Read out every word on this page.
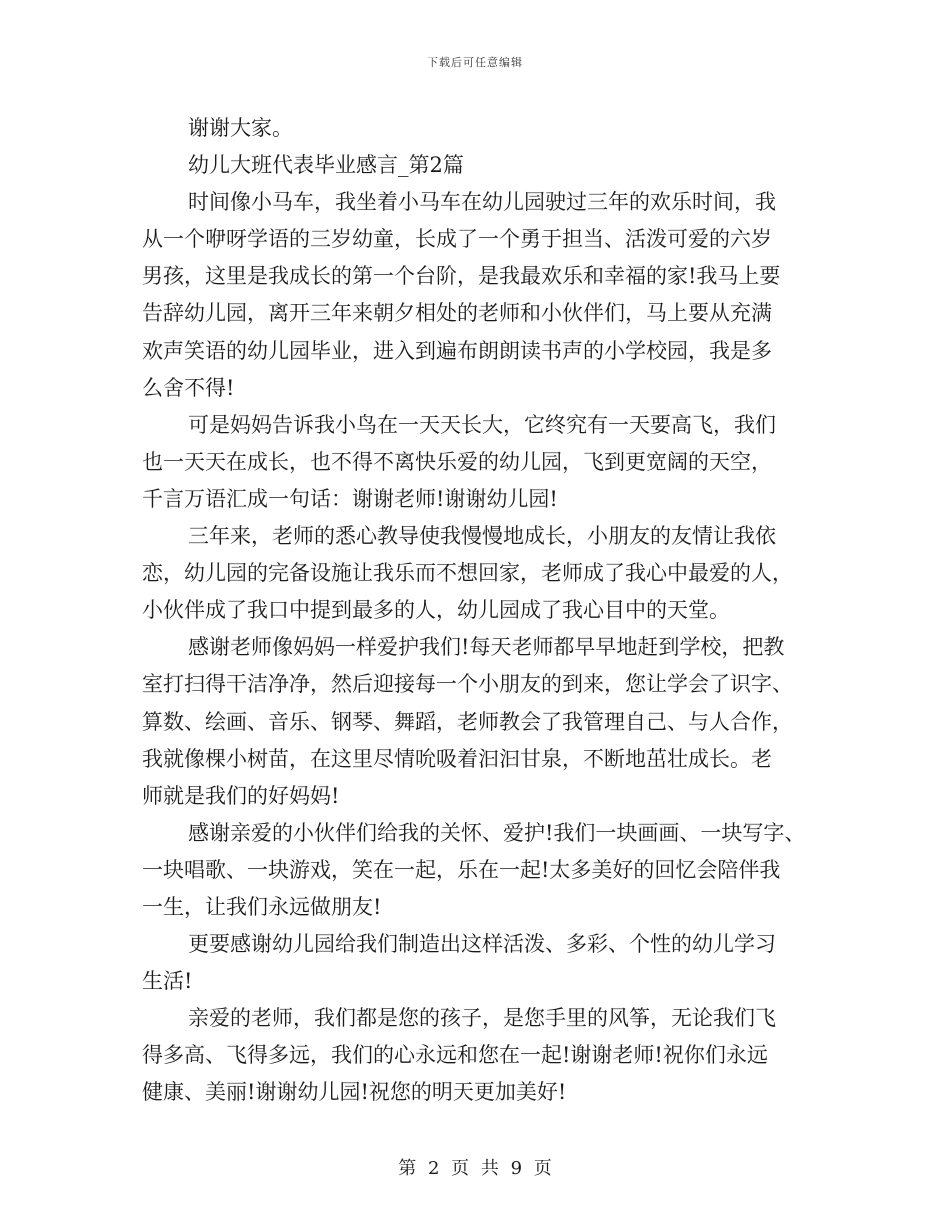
下载后可任意编辑
谢谢大家。
幼儿大班代表毕业感言_第2篇
时间像小马车，我坐着小马车在幼儿园驶过三年的欢乐时间，我
从一个咿呀学语的三岁幼童，长成了一个勇于担当、活泼可爱的六岁
男孩，这里是我成长的第一个台阶，是我最欢乐和幸福的家!我马上要
告辞幼儿园，离开三年来朝夕相处的老师和小伙伴们，马上要从充满
欢声笑语的幼儿园毕业，进入到遍布朗朗读书声的小学校园，我是多
么舍不得!
可是妈妈告诉我小鸟在一天天长大，它终究有一天要高飞，我们
也一天天在成长，也不得不离快乐爱的幼儿园，飞到更宽阔的天空，
千言万语汇成一句话：谢谢老师!谢谢幼儿园!
三年来，老师的悉心教导使我慢慢地成长，小朋友的友情让我依
恋，幼儿园的完备设施让我乐而不想回家，老师成了我心中最爱的人，
小伙伴成了我口中提到最多的人，幼儿园成了我心目中的天堂。
感谢老师像妈妈一样爱护我们!每天老师都早早地赶到学校，把教
室打扫得干洁净净，然后迎接每一个小朋友的到来，您让学会了识字、
算数、绘画、音乐、钢琴、舞蹈，老师教会了我管理自己、与人合作，
我就像棵小树苗，在这里尽情吮吸着汩汩甘泉，不断地茁壮成长。老
师就是我们的好妈妈!
感谢亲爱的小伙伴们给我的关怀、爱护!我们一块画画、一块写字、
一块唱歌、一块游戏，笑在一起，乐在一起!太多美好的回忆会陪伴我
一生，让我们永远做朋友!
更要感谢幼儿园给我们制造出这样活泼、多彩、个性的幼儿学习
生活!
亲爱的老师，我们都是您的孩子，是您手里的风筝，无论我们飞
得多高、飞得多远，我们的心永远和您在一起!谢谢老师!祝你们永远
健康、美丽!谢谢幼儿园!祝您的明天更加美好!
第 2 页 共 9 页
